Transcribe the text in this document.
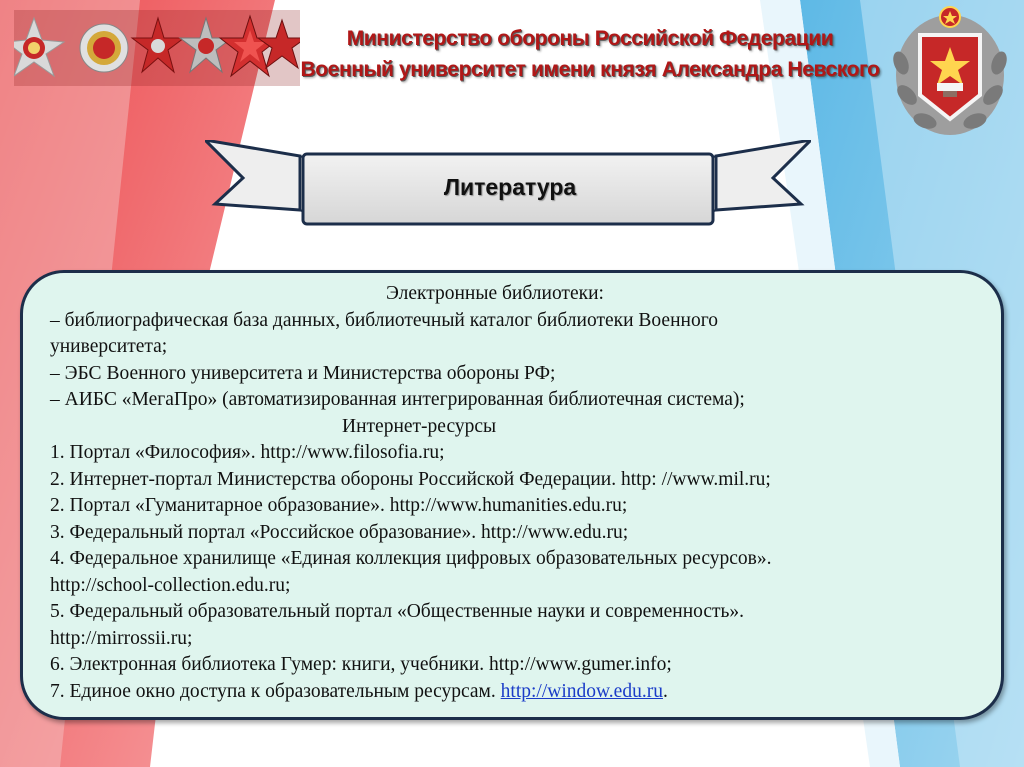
Министерство обороны Российской Федерации
Военный университет имени князя Александра Невского
Литература
Электронные библиотеки:
– библиографическая база данных, библиотечный каталог библиотеки Военного
университета;
– ЭБС Военного университета и Министерства обороны РФ;
– АИБС «МегаПро» (автоматизированная интегрированная библиотечная система);
Интернет-ресурсы
1. Портал «Философия». http://www.filosofia.ru;
2. Интернет-портал Министерства обороны Российской Федерации. http: //www.mil.ru;
2. Портал «Гуманитарное образование». http://www.humanities.edu.ru;
3. Федеральный портал «Российское образование». http://www.edu.ru;
4. Федеральное хранилище «Единая коллекция цифровых образовательных ресурсов».
http://school-collection.edu.ru;
5. Федеральный образовательный портал «Общественные науки и современность».
http://mirrossii.ru;
6. Электронная библиотека Гумер: книги, учебники. http://www.gumer.info;
7. Единое окно доступа к образовательным ресурсам. http://window.edu.ru.
